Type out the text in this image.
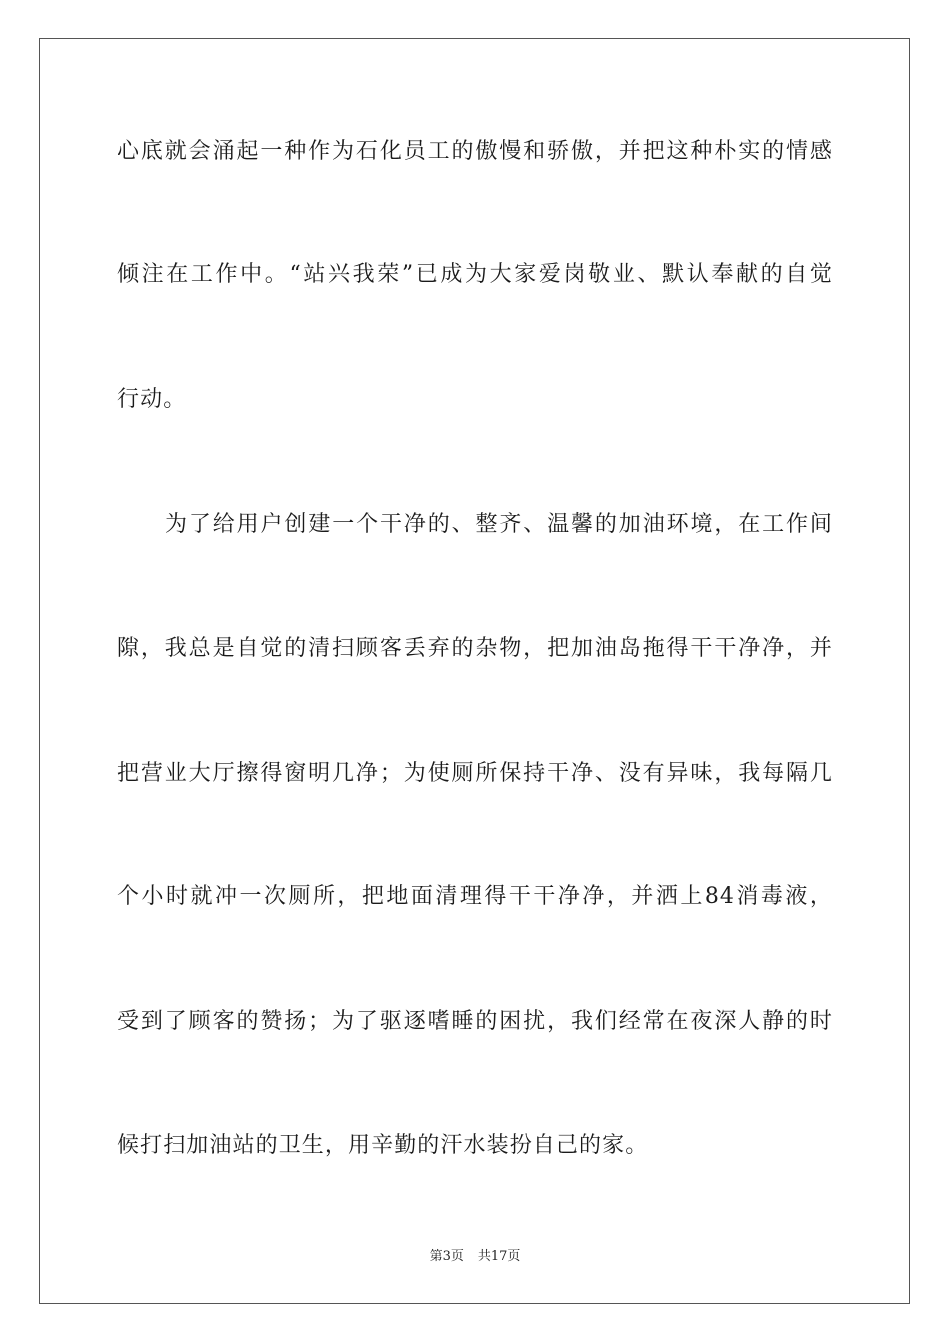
心底就会涌起一种作为石化员工的傲慢和骄傲，并把这种朴实的情感
倾注在工作中。“站兴我荣”已成为大家爱岗敬业、默认奉献的自觉
行动。
为了给用户创建一个干净的、整齐、温馨的加油环境，在工作间
隙，我总是自觉的清扫顾客丢弃的杂物，把加油岛拖得干干净净，并
把营业大厅擦得窗明几净；为使厕所保持干净、没有异味，我每隔几
个小时就冲一次厕所，把地面清理得干干净净，并洒上84消毒液，
受到了顾客的赞扬；为了驱逐嗜睡的困扰，我们经常在夜深人静的时
候打扫加油站的卫生，用辛勤的汗水装扮自己的家。
第3页 共17页
